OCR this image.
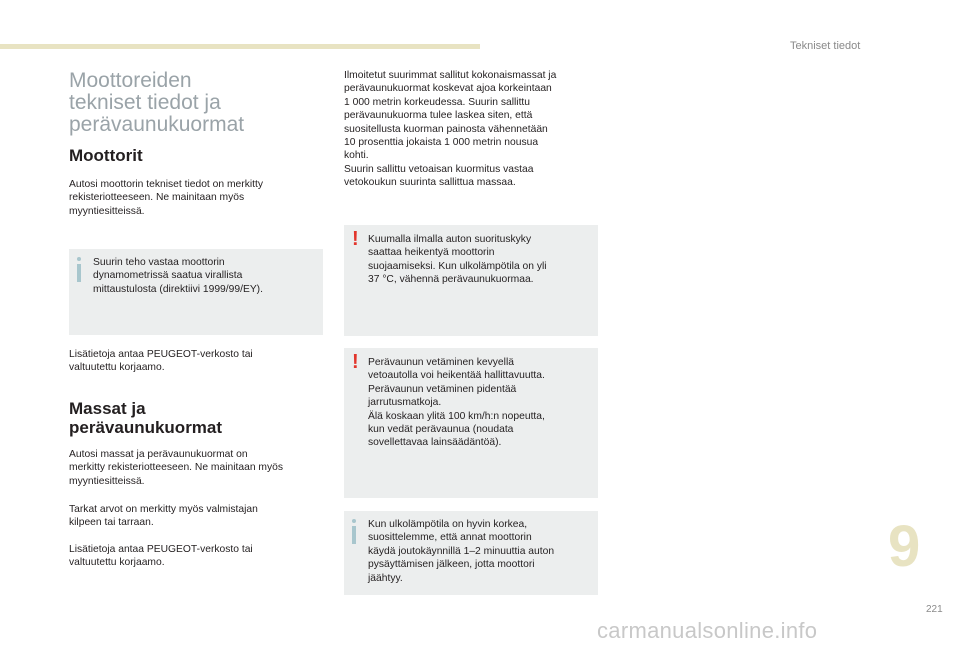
Tekniset tiedot
Moottoreiden
tekniset tiedot ja
perävaunukuormat
Moottorit
Autosi moottorin tekniset tiedot on merkitty
rekisteriotteeseen. Ne mainitaan myös
myyntiesitteissä.
Suurin teho vastaa moottorin
dynamometrissä saatua virallista
mittaustulosta (direktiivi 1999/99/EY).
Lisätietoja antaa PEUGEOT-verkosto tai
valtuutettu korjaamo.
Massat ja
perävaunukuormat
Autosi massat ja perävaunukuormat on
merkitty rekisteriotteeseen. Ne mainitaan myös
myyntiesitteissä.
Tarkat arvot on merkitty myös valmistajan
kilpeen tai tarraan.
Lisätietoja antaa PEUGEOT-verkosto tai
valtuutettu korjaamo.
Ilmoitetut suurimmat sallitut kokonaismassat ja
perävaunukuormat koskevat ajoa korkeintaan
1 000 metrin korkeudessa. Suurin sallittu
perävaunukuorma tulee laskea siten, että
suositellusta kuorman painosta vähennetään
10 prosenttia jokaista 1 000 metrin nousua
kohti.
Suurin sallittu vetoaisan kuormitus vastaa
vetokoukun suurinta sallittua massaa.
! Kuumalla ilmalla auton suorituskyky
saattaa heikentyä moottorin
suojaamiseksi. Kun ulkolämpötila on yli
37 °C, vähennä perävaunukuormaa.
! Perävaunun vetäminen kevyellä
vetoautolla voi heikentää hallittavuutta.
Perävaunun vetäminen pidentää
jarrutusmatkoja.
Älä koskaan ylitä 100 km/h:n nopeutta,
kun vedät perävaunua (noudata
sovellettavaa lainsäädäntöä).
Kun ulkolämpötila on hyvin korkea,
suosittelemme, että annat moottorin
käydä joutokäynnillä 1–2 minuuttia auton
pysäyttämisen jälkeen, jotta moottori
jäähtyy.	9
221
carmanualsonline.info
